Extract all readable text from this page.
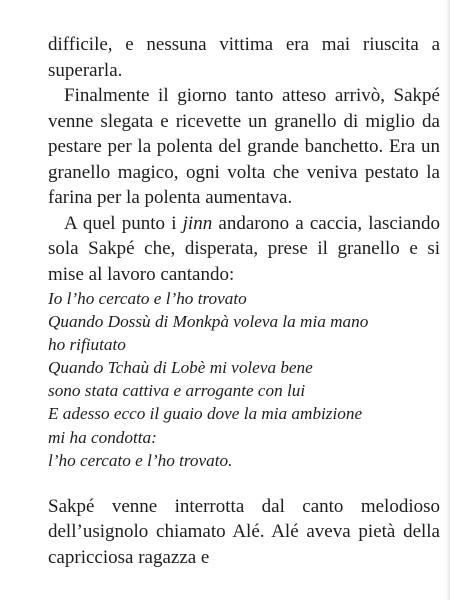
difficile, e nessuna vittima era mai riuscita a superarla.

Finalmente il giorno tanto atteso arrivò, Sakpé venne slegata e ricevette un granello di miglio da pestare per la polenta del grande banchetto. Era un granello magico, ogni volta che veniva pestato la farina per la polenta aumentava.

A quel punto i jinn andarono a caccia, lasciando sola Sakpé che, disperata, prese il granello e si mise al lavoro cantando:

Io l’ho cercato e l’ho trovato
Quando Dossù di Monkpà voleva la mia mano
ho rifiutato
Quando Tchaù di Lobè mi voleva bene
sono stata cattiva e arrogante con lui
E adesso ecco il guaio dove la mia ambizione
mi ha condotta:
l’ho cercato e l’ho trovato.

Sakpé venne interrotta dal canto melodioso dell’usignolo chiamato Alé. Alé aveva pietà della capricciosa ragazza e
